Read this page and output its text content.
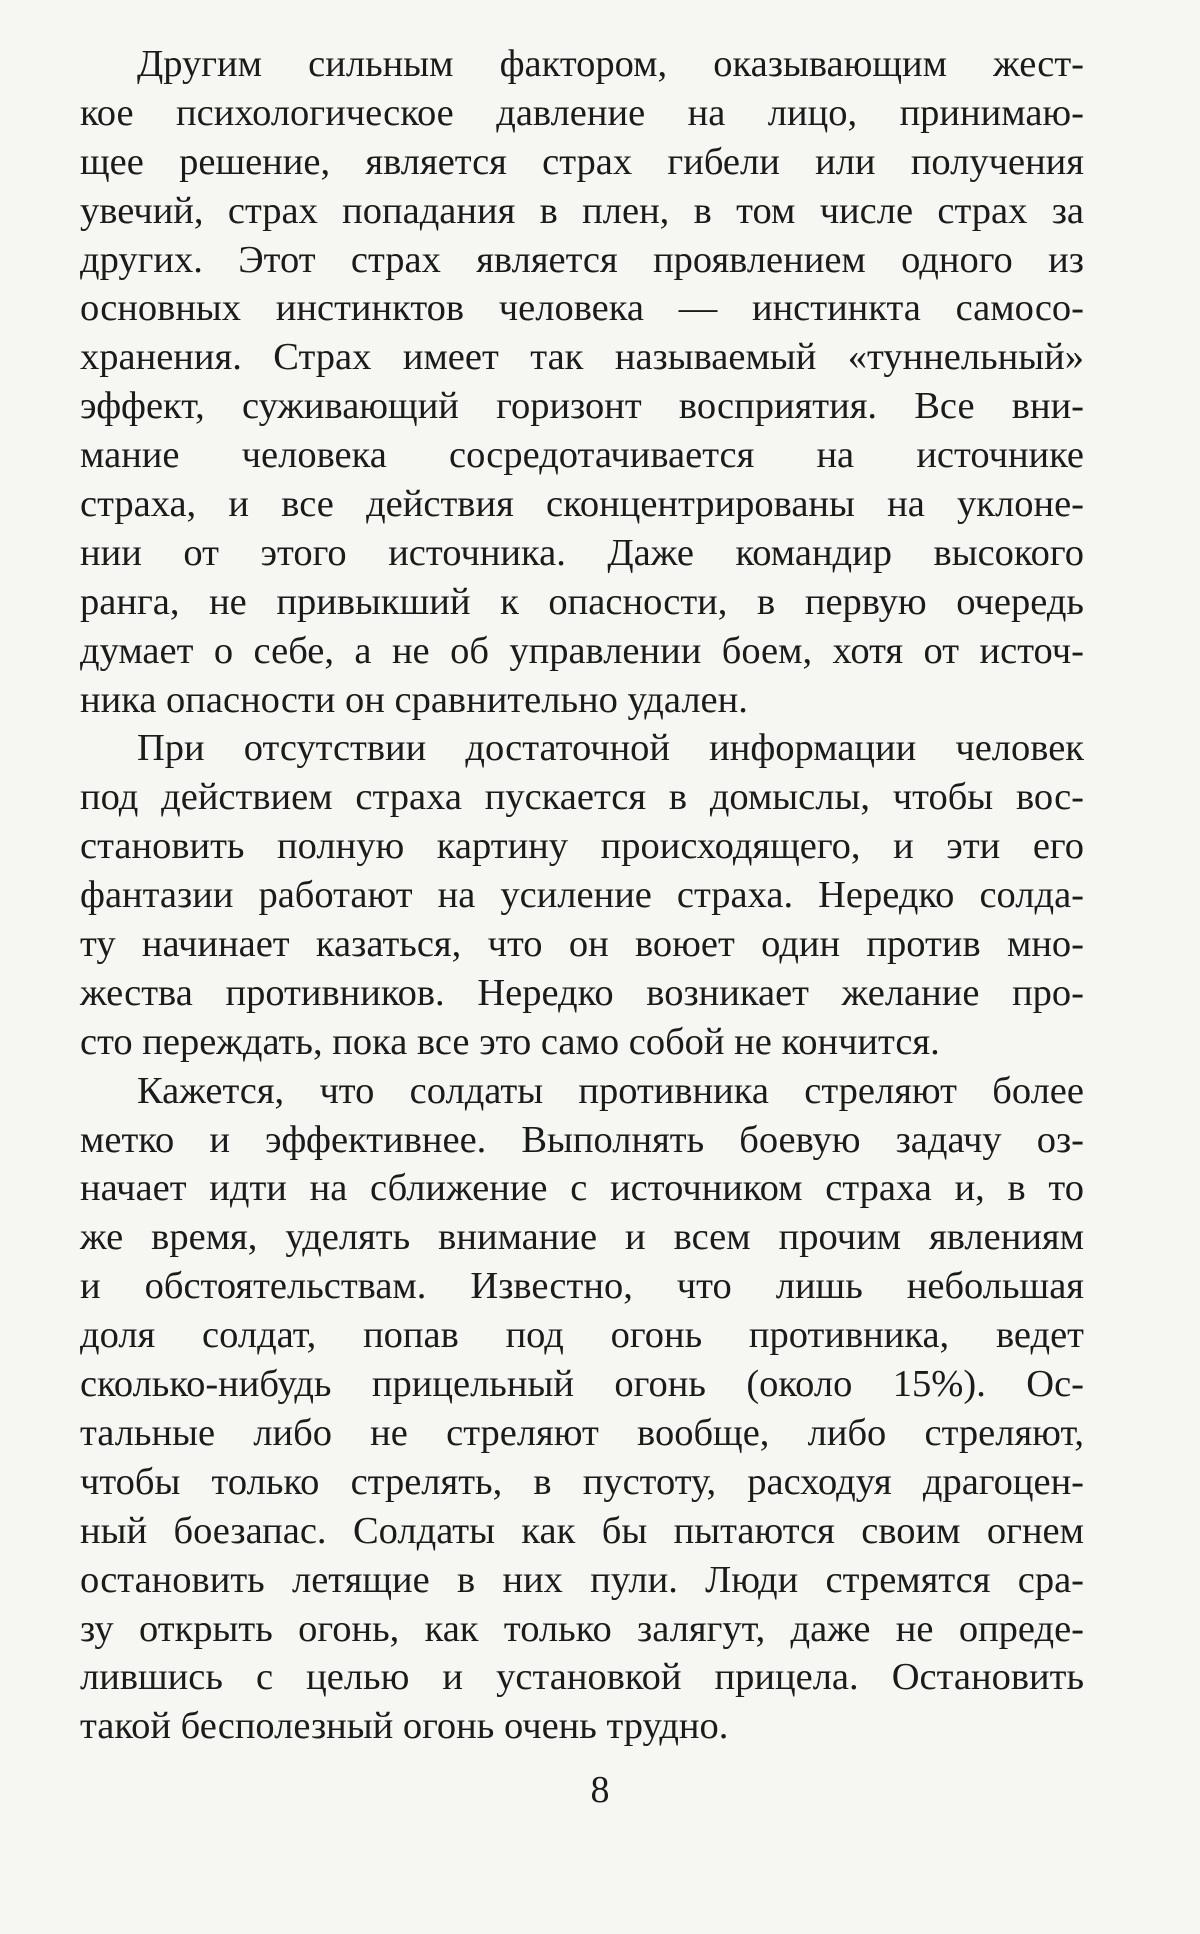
Другим сильным фактором, оказывающим жест-
кое психологическое давление на лицо, принимаю-
щее решение, является страх гибели или получения
увечий, страх попадания в плен, в том числе страх за
других. Этот страх является проявлением одного из
основных инстинктов человека — инстинкта самосо-
хранения. Страх имеет так называемый «туннельный»
эффект, суживающий горизонт восприятия. Все вни-
мание человека сосредотачивается на источнике
страха, и все действия сконцентрированы на уклоне-
нии от этого источника. Даже командир высокого
ранга, не привыкший к опасности, в первую очередь
думает о себе, а не об управлении боем, хотя от источ-
ника опасности он сравнительно удален.
При отсутствии достаточной информации человек
под действием страха пускается в домыслы, чтобы вос-
становить полную картину происходящего, и эти его
фантазии работают на усиление страха. Нередко солда-
ту начинает казаться, что он воюет один против мно-
жества противников. Нередко возникает желание про-
сто переждать, пока все это само собой не кончится.
Кажется, что солдаты противника стреляют более
метко и эффективнее. Выполнять боевую задачу оз-
начает идти на сближение с источником страха и, в то
же время, уделять внимание и всем прочим явлениям
и обстоятельствам. Известно, что лишь небольшая
доля солдат, попав под огонь противника, ведет
сколько-нибудь прицельный огонь (около 15%). Ос-
тальные либо не стреляют вообще, либо стреляют,
чтобы только стрелять, в пустоту, расходуя драгоцен-
ный боезапас. Солдаты как бы пытаются своим огнем
остановить летящие в них пули. Люди стремятся сра-
зу открыть огонь, как только залягут, даже не опреде-
лившись с целью и установкой прицела. Остановить
такой бесполезный огонь очень трудно.
8
